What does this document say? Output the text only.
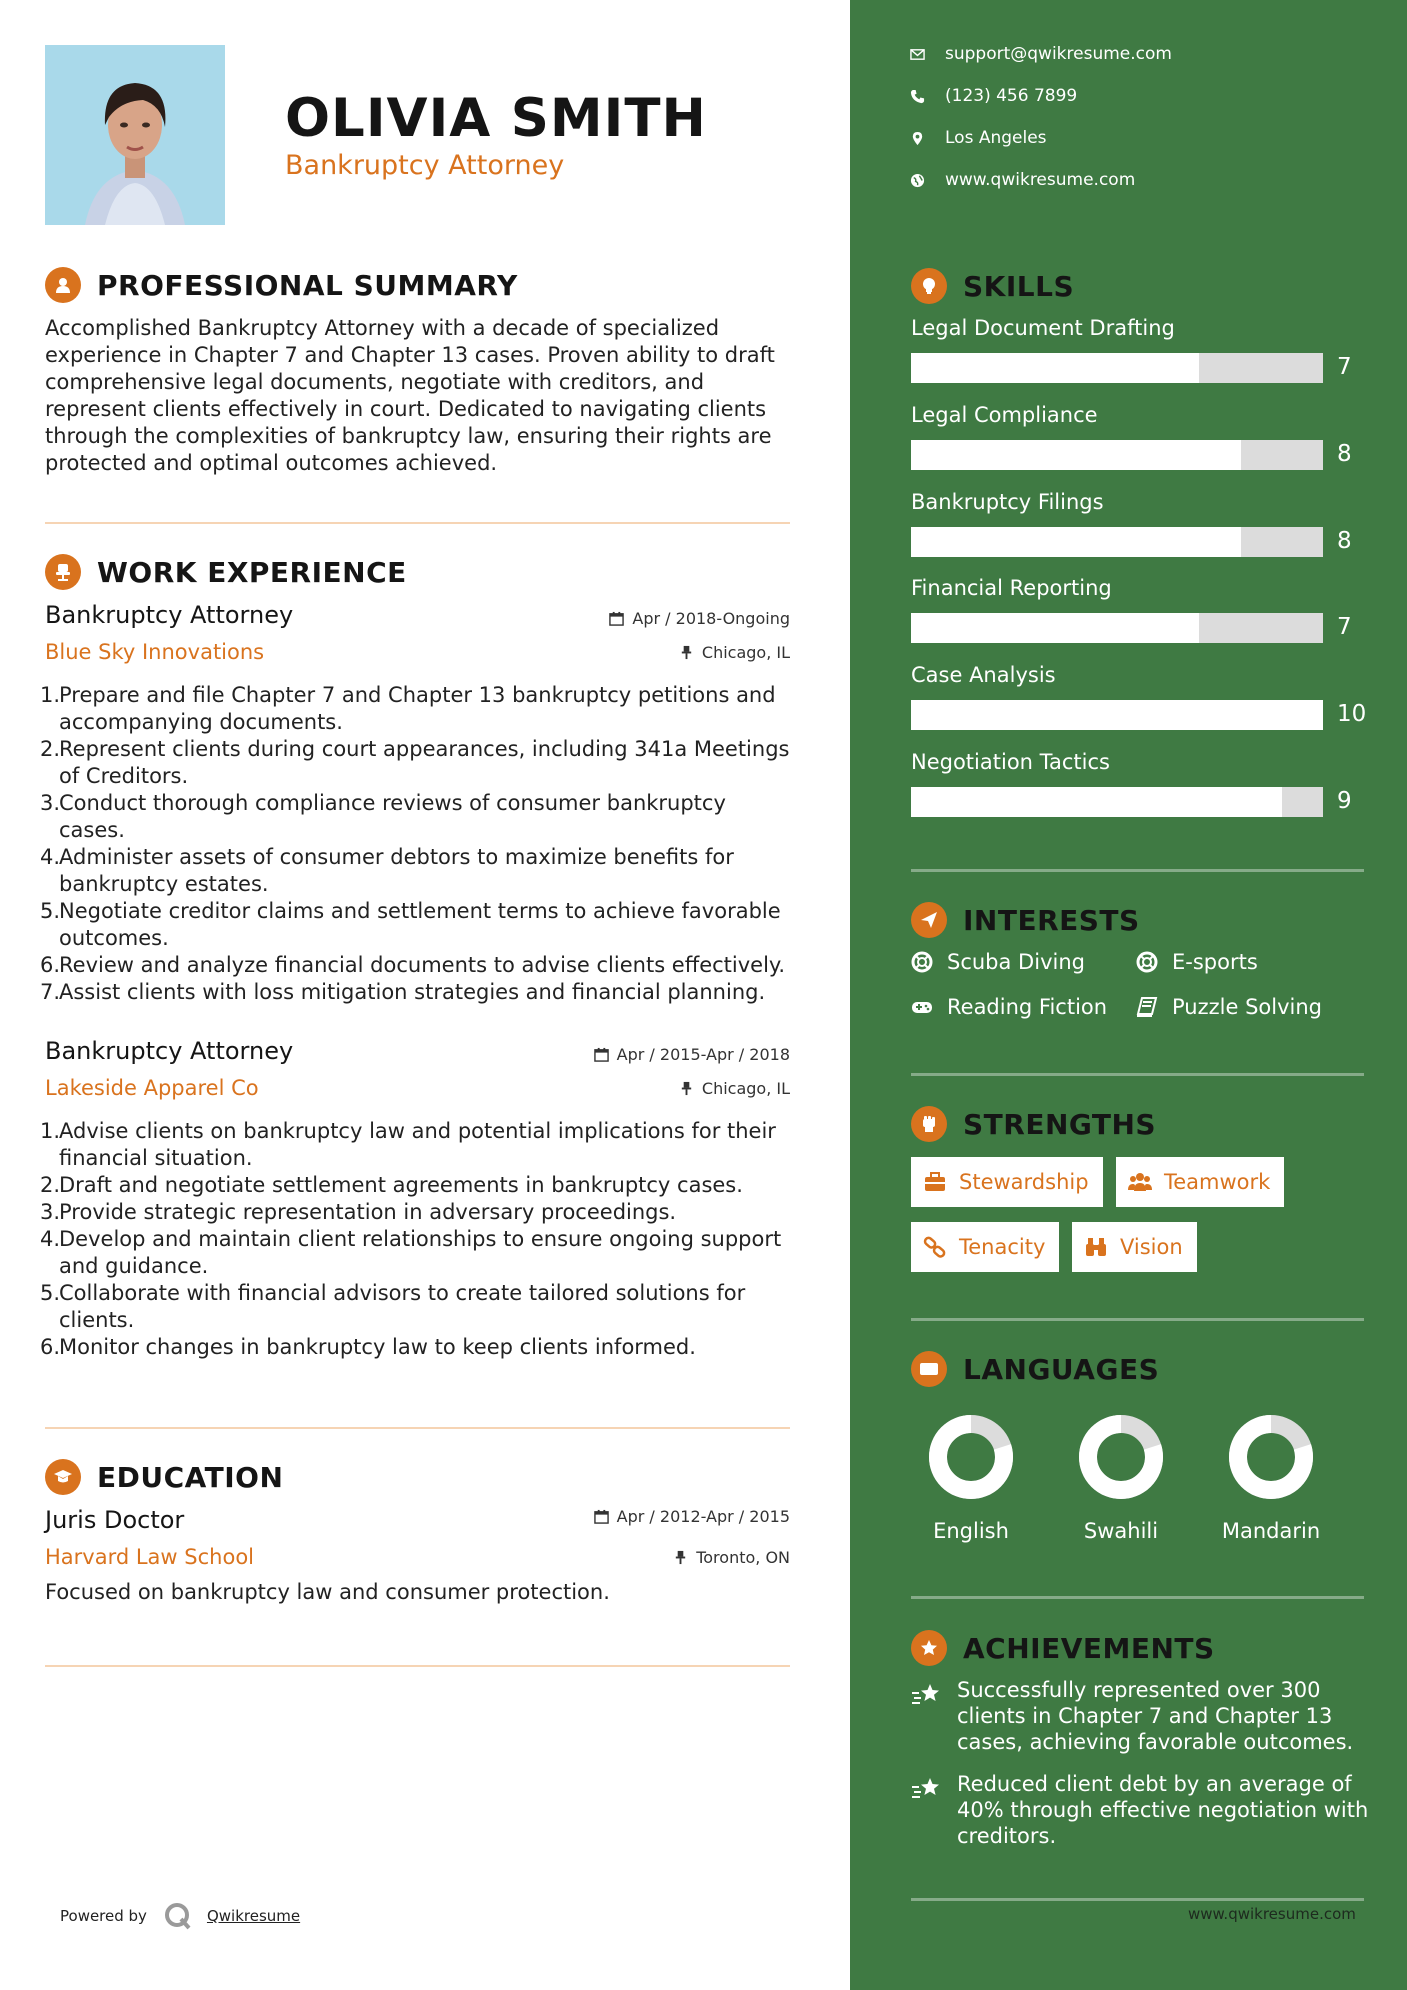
OLIVIA SMITH
Bankruptcy Attorney
PROFESSIONAL SUMMARY
Accomplished Bankruptcy Attorney with a decade of specialized
experience in Chapter 7 and Chapter 13 cases. Proven ability to draft
comprehensive legal documents, negotiate with creditors, and
represent clients effectively in court. Dedicated to navigating clients
through the complexities of bankruptcy law, ensuring their rights are
protected and optimal outcomes achieved.
WORK EXPERIENCE
Bankruptcy Attorney
Blue Sky Innovations
Apr / 2018-Ongoing
Chicago, IL
1.
Prepare and file Chapter 7 and Chapter 13 bankruptcy petitions and
accompanying documents.
2.
Represent clients during court appearances, including 341a Meetings
of Creditors.
3.
Conduct thorough compliance reviews of consumer bankruptcy
cases.
4.
Administer assets of consumer debtors to maximize benefits for
bankruptcy estates.
5.
Negotiate creditor claims and settlement terms to achieve favorable
outcomes.
6.
Review and analyze financial documents to advise clients effectively.
7.
Assist clients with loss mitigation strategies and financial planning.
Bankruptcy Attorney
Lakeside Apparel Co
Apr / 2015-Apr / 2018
Chicago, IL
1.
Advise clients on bankruptcy law and potential implications for their
financial situation.
2.
Draft and negotiate settlement agreements in bankruptcy cases.
3.
Provide strategic representation in adversary proceedings.
4.
Develop and maintain client relationships to ensure ongoing support
and guidance.
5.
Collaborate with financial advisors to create tailored solutions for
clients.
6.
Monitor changes in bankruptcy law to keep clients informed.
EDUCATION
Juris Doctor
Harvard Law School
Apr / 2012-Apr / 2015
Toronto, ON
Focused on bankruptcy law and consumer protection.
Powered by	Qwikresume
support@qwikresume.com
(123) 456 7899
Los Angeles
www.qwikresume.com
SKILLS
Legal Document Drafting
7
Legal Compliance
8
Bankruptcy Filings
8
Financial Reporting
7
Case Analysis
10
Negotiation Tactics
9
INTERESTS
Scuba Diving	E-sports
Reading Fiction	Puzzle Solving
STRENGTHS
Stewardship	Teamwork
Tenacity	Vision
A LANGUAGES
English	Swahili	Mandarin
ACHIEVEMENTS
Successfully represented over 300
clients in Chapter 7 and Chapter 13
cases, achieving favorable outcomes.
Reduced client debt by an average of
40% through effective negotiation with
creditors.
www.qwikresume.com
